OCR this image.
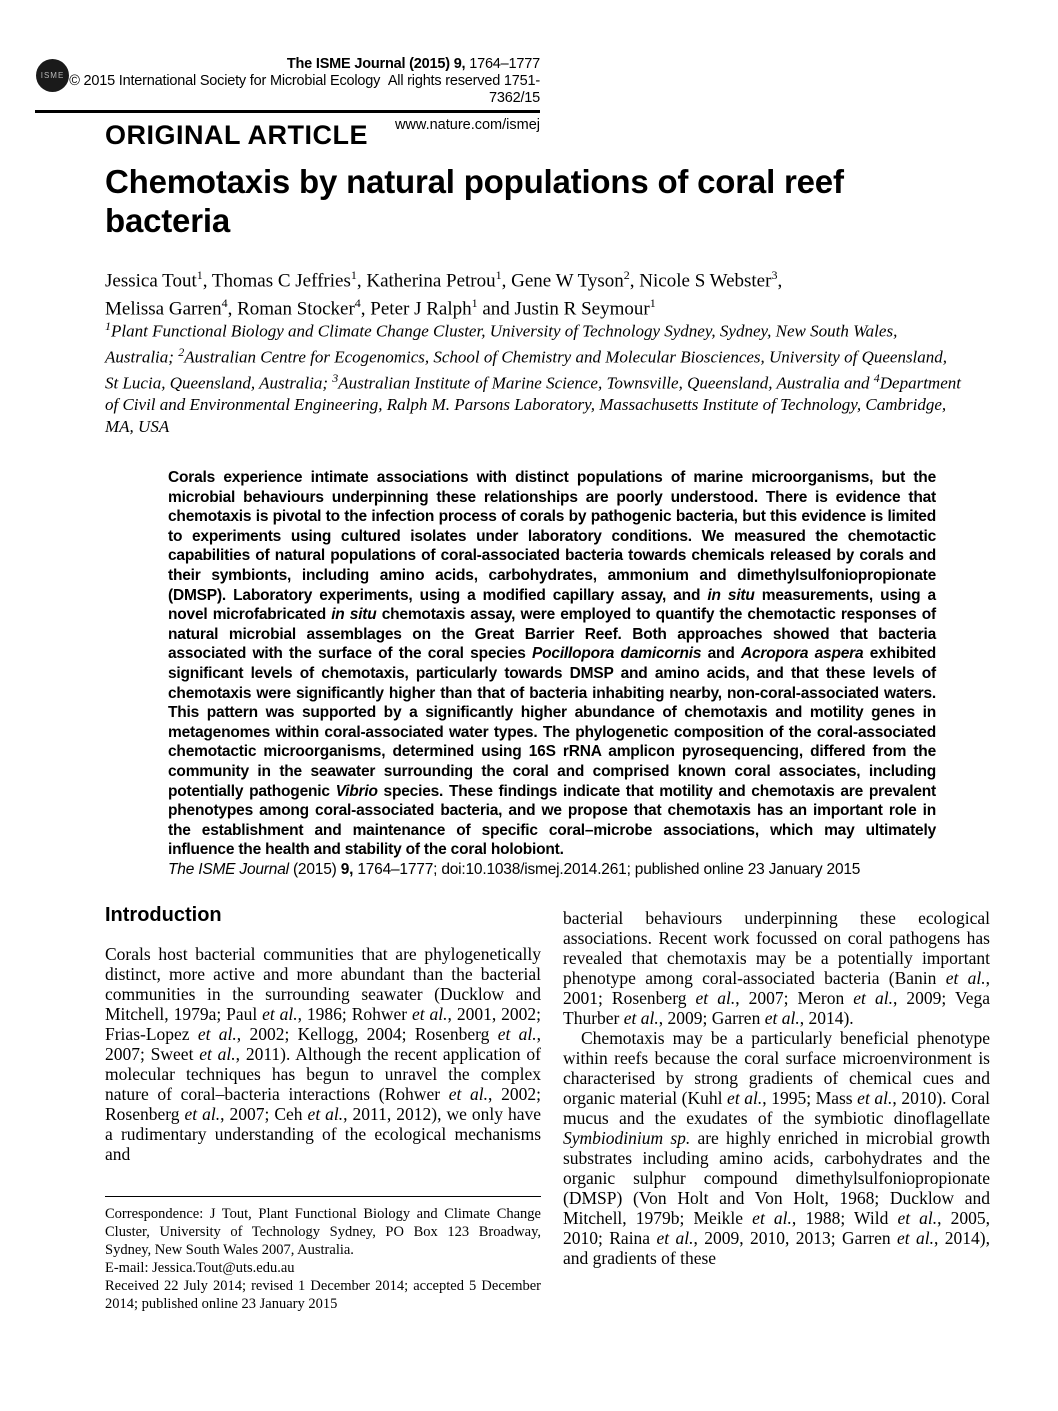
ISME
The ISME Journal (2015) 9, 1764–1777
© 2015 International Society for Microbial Ecology  All rights reserved 1751-7362/15
www.nature.com/ismej
ORIGINAL ARTICLE
Chemotaxis by natural populations of coral reef bacteria
Jessica Tout$^1$, Thomas C Jeffries$^1$, Katherina Petrou$^1$, Gene W Tyson$^2$, Nicole S Webster$^3$,
Melissa Garren$^4$, Roman Stocker$^4$, Peter J Ralph$^1$ and Justin R Seymour$^1$
$^1$Plant Functional Biology and Climate Change Cluster, University of Technology Sydney, Sydney, New South Wales, Australia; $^2$Australian Centre for Ecogenomics, School of Chemistry and Molecular Biosciences, University of Queensland, St Lucia, Queensland, Australia; $^3$Australian Institute of Marine Science, Townsville, Queensland, Australia and $^4$Department of Civil and Environmental Engineering, Ralph M. Parsons Laboratory, Massachusetts Institute of Technology, Cambridge, MA, USA
Corals experience intimate associations with distinct populations of marine microorganisms, but the microbial behaviours underpinning these relationships are poorly understood. There is evidence that chemotaxis is pivotal to the infection process of corals by pathogenic bacteria, but this evidence is limited to experiments using cultured isolates under laboratory conditions. We measured the chemotactic capabilities of natural populations of coral-associated bacteria towards chemicals released by corals and their symbionts, including amino acids, carbohydrates, ammonium and dimethylsulfoniopropionate (DMSP). Laboratory experiments, using a modified capillary assay, and in situ measurements, using a novel microfabricated in situ chemotaxis assay, were employed to quantify the chemotactic responses of natural microbial assemblages on the Great Barrier Reef. Both approaches showed that bacteria associated with the surface of the coral species Pocillopora damicornis and Acropora aspera exhibited significant levels of chemotaxis, particularly towards DMSP and amino acids, and that these levels of chemotaxis were significantly higher than that of bacteria inhabiting nearby, non-coral-associated waters. This pattern was supported by a significantly higher abundance of chemotaxis and motility genes in metagenomes within coral-associated water types. The phylogenetic composition of the coral-associated chemotactic microorganisms, determined using 16S rRNA amplicon pyrosequencing, differed from the community in the seawater surrounding the coral and comprised known coral associates, including potentially pathogenic Vibrio species. These findings indicate that motility and chemotaxis are prevalent phenotypes among coral-associated bacteria, and we propose that chemotaxis has an important role in the establishment and maintenance of specific coral–microbe associations, which may ultimately influence the health and stability of the coral holobiont.
The ISME Journal (2015) 9, 1764–1777; doi:10.1038/ismej.2014.261; published online 23 January 2015
Introduction

Corals host bacterial communities that are phylogenetically distinct, more active and more abundant than the bacterial communities in the surrounding seawater (Ducklow and Mitchell, 1979a; Paul et al., 1986; Rohwer et al., 2001, 2002; Frias-Lopez et al., 2002; Kellogg, 2004; Rosenberg et al., 2007; Sweet et al., 2011). Although the recent application of molecular techniques has begun to unravel the complex nature of coral–bacteria interactions (Rohwer et al., 2002; Rosenberg et al., 2007; Ceh et al., 2011, 2012), we only have a rudimentary understanding of the ecological mechanisms and

bacterial behaviours underpinning these ecological associations. Recent work focussed on coral pathogens has revealed that chemotaxis may be a potentially important phenotype among coral-associated bacteria (Banin et al., 2001; Rosenberg et al., 2007; Meron et al., 2009; Vega Thurber et al., 2009; Garren et al., 2014).

Chemotaxis may be a particularly beneficial phenotype within reefs because the coral surface microenvironment is characterised by strong gradients of chemical cues and organic material (Kuhl et al., 1995; Mass et al., 2010). Coral mucus and the exudates of the symbiotic dinoflagellate Symbiodinium sp. are highly enriched in microbial growth substrates including amino acids, carbohydrates and the organic sulphur compound dimethylsulfoniopropionate (DMSP) (Von Holt and Von Holt, 1968; Ducklow and Mitchell, 1979b; Meikle et al., 1988; Wild et al., 2005, 2010; Raina et al., 2009, 2010, 2013; Garren et al., 2014), and gradients of these

Correspondence: J Tout, Plant Functional Biology and Climate Change Cluster, University of Technology Sydney, PO Box 123 Broadway, Sydney, New South Wales 2007, Australia.
E-mail: Jessica.Tout@uts.edu.au
Received 22 July 2014; revised 1 December 2014; accepted 5 December 2014; published online 23 January 2015
